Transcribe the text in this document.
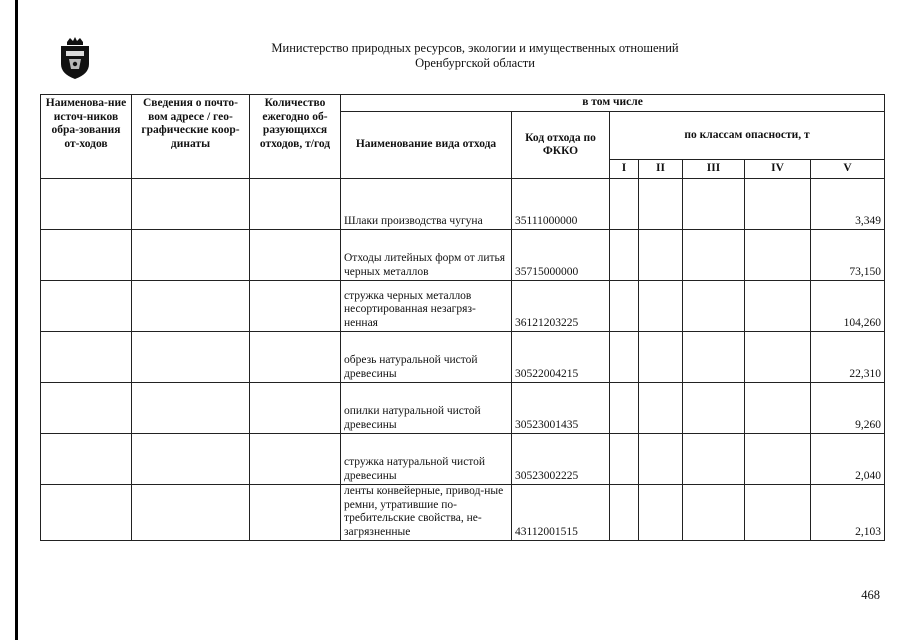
Министерство природных ресурсов, экологии и имущественных отношений
Оренбургской области
Наименова-ние источ-ников обра-зования от-ходов	Сведения о почто-вом адресе / гео-графические коор-динаты	Количество ежегодно об-разующихся отходов, т/год	в том числе						
			Наименование вида отхода	Код отхода по ФККО	по классам опасности, т				
					I	II	III	IV	V
			Шлаки производства чугуна	35111000000					3,349
			Отходы литейных форм от литья черных металлов	35715000000					73,150
			стружка черных металлов несортированная незагряз-ненная	36121203225					104,260
			обрезь натуральной чистой древесины	30522004215					22,310
			опилки натуральной чистой древесины	30523001435					9,260
			стружка натуральной чистой древесины	30523002225					2,040
			ленты конвейерные, привод-ные ремни, утратившие по-требительские свойства, не-загрязненные	43112001515					2,103
468
